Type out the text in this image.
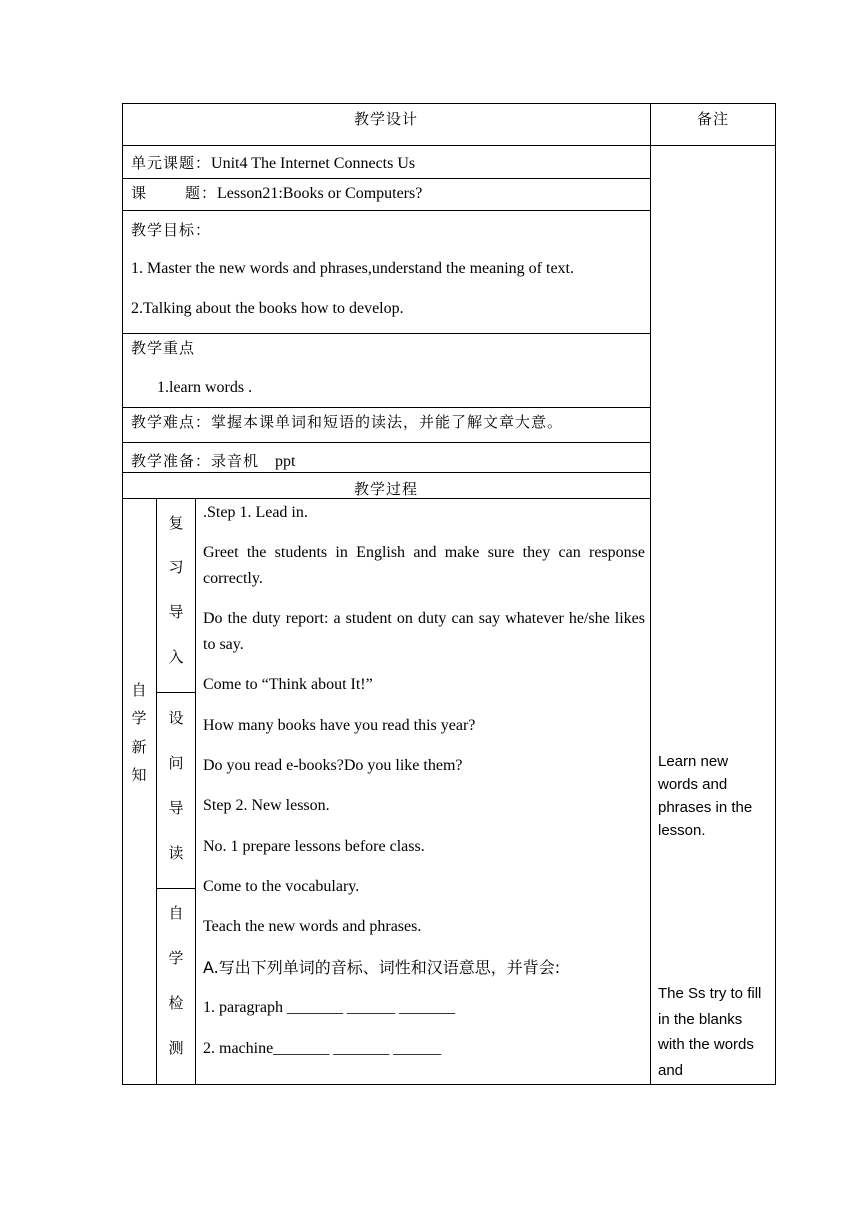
教学设计	备注
单元课题：Unit4 The Internet Connects Us
课	题：Lesson21:Books or Computers?
教学目标：
1. Master the new words and phrases,understand the meaning of text.
2.Talking about the books how to develop.
教学重点
1.learn words .
教学难点：掌握本课单词和短语的读法，并能了解文章大意。
教学准备：录音机 ppt
教学过程
自
学
新
知
复
习
导
入
设
问
导
读
自
学
检
测
.Step 1. Lead in.
Greet the students in English and make sure they can response correctly.
Do the duty report: a student on duty can say whatever he/she likes to say.
Come to “Think about It!”
How many books have you read this year?
Do you read e-books?Do you like them?
Step 2. New lesson.
No. 1 prepare lessons before class.
Come to the vocabulary.
Teach the new words and phrases.
A.写出下列单词的音标、词性和汉语意思，并背会:
1. paragraph _______ ______ _______
2. machine_______ _______ ______
Learn new words and phrases in the lesson.
The Ss try to fill in the blanks with the words and
